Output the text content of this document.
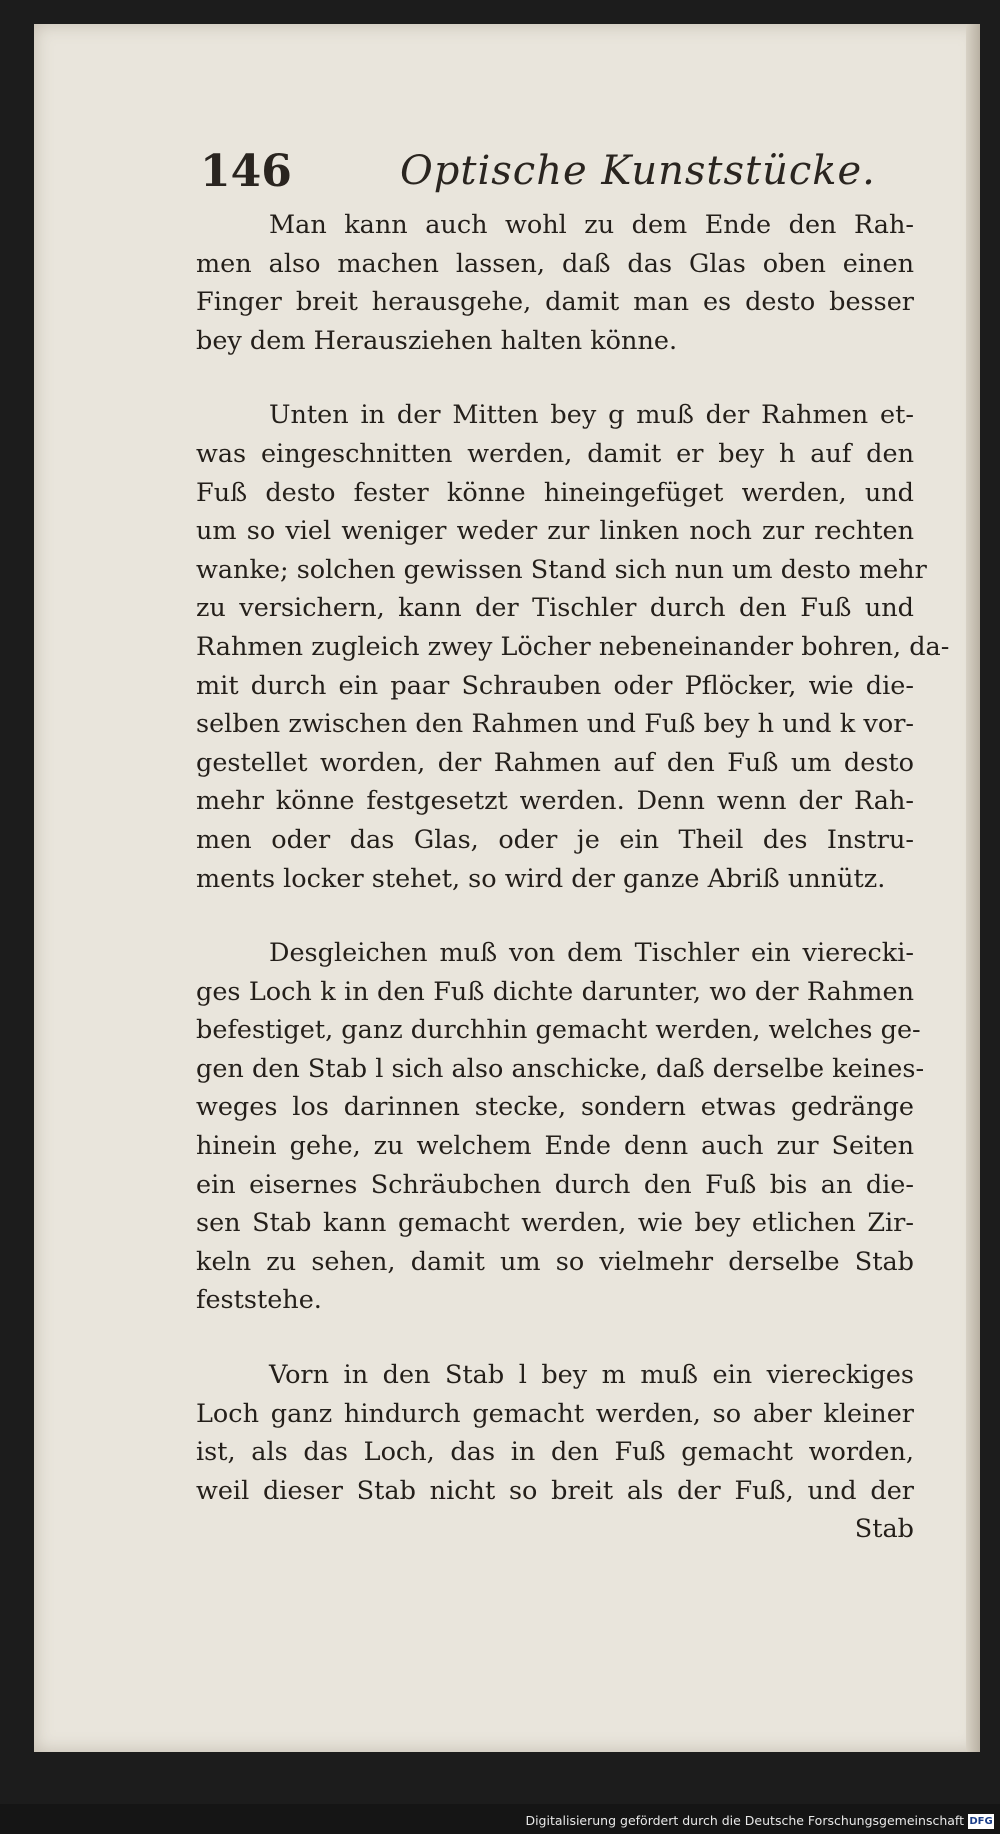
146	Optische Kunststücke.

Man kann auch wohl zu dem Ende den Rah-
men also machen lassen, daß das Glas oben einen
Finger breit herausgehe, damit man es desto besser
bey dem Herausziehen halten könne.

Unten in der Mitten bey g muß der Rahmen et-
was eingeschnitten werden, damit er bey h auf den
Fuß desto fester könne hineingefüget werden, und
um so viel weniger weder zur linken noch zur rechten
wanke; solchen gewissen Stand sich nun um desto mehr
zu versichern, kann der Tischler durch den Fuß und
Rahmen zugleich zwey Löcher nebeneinander bohren, da-
mit durch ein paar Schrauben oder Pflöcker, wie die-
selben zwischen den Rahmen und Fuß bey h und k vor-
gestellet worden, der Rahmen auf den Fuß um desto
mehr könne festgesetzt werden. Denn wenn der Rah-
men oder das Glas, oder je ein Theil des Instru-
ments locker stehet, so wird der ganze Abriß unnütz.

Desgleichen muß von dem Tischler ein vierecki-
ges Loch k in den Fuß dichte darunter, wo der Rahmen
befestiget, ganz durchhin gemacht werden, welches ge-
gen den Stab l sich also anschicke, daß derselbe keines-
weges los darinnen stecke, sondern etwas gedränge
hinein gehe, zu welchem Ende denn auch zur Seiten
ein eisernes Schräubchen durch den Fuß bis an die-
sen Stab kann gemacht werden, wie bey etlichen Zir-
keln zu sehen, damit um so vielmehr derselbe Stab
feststehe.

Vorn in den Stab l bey m muß ein viereckiges
Loch ganz hindurch gemacht werden, so aber kleiner
ist, als das Loch, das in den Fuß gemacht worden,
weil dieser Stab nicht so breit als der Fuß, und der
Stab

Digitalisierung gefördert durch die Deutsche Forschungsgemeinschaft DFG
